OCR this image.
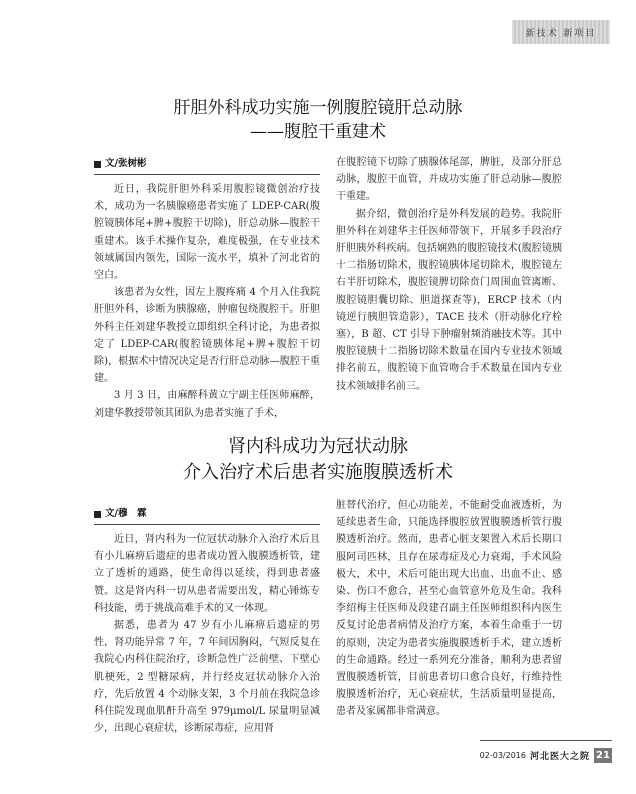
新技术 新项目
肝胆外科成功实施一例腹腔镜肝总动脉
——腹腔干重建术
文/张树彬

近日，我院肝胆外科采用腹腔镜微创治疗技术，成功为一名胰腺癌患者实施了 LDEP-CAR(腹腔镜胰体尾+脾+腹腔干切除)，肝总动脉—腹腔干重建术。该手术操作复杂，难度极强，在专业技术领域属国内领先，国际一流水平，填补了河北省的空白。

该患者为女性，因左上腹疼痛 4 个月入住我院肝胆外科，诊断为胰腺癌，肿瘤包绕腹腔干。肝胆外科主任刘建华教授立即组织全科讨论，为患者拟定了 LDEP-CAR(腹腔镜胰体尾+脾+腹腔干切除)，根据术中情况决定是否行肝总动脉—腹腔干重建。

3 月 3 日，由麻醉科黄立宁副主任医师麻醉，刘建华教授带领其团队为患者实施了手术，

在腹腔镜下切除了胰腺体尾部，脾脏，及部分肝总动脉，腹腔干血管，并成功实施了肝总动脉—腹腔干重建。

据介绍，微创治疗是外科发展的趋势。我院肝胆外科在刘建华主任医师带领下，开展多手段治疗肝胆胰外科疾病。包括娴熟的腹腔镜技术(腹腔镜胰十二指肠切除术，腹腔镜胰体尾切除术，腹腔镜左右半肝切除术，腹腔镜脾切除贲门周围血管离断、腹腔镜胆囊切除、胆道探查等)，ERCP 技术（内镜逆行胰胆管造影），TACE 技术（肝动脉化疗栓塞），B 超、CT 引导下肿瘤射频消融技术等。其中腹腔镜胰十二指肠切除术数量在国内专业技术领域排名前五，腹腔镜下血管吻合手术数量在国内专业技术领域排名前三。

肾内科成功为冠状动脉
介入治疗术后患者实施腹膜透析术
文/穆　霖

近日，肾内科为一位冠状动脉介入治疗术后且有小儿麻痹后遗症的患者成功置入腹膜透析管，建立了透析的通路，使生命得以延续，得到患者盛赞。这是肾内科一切从患者需要出发，精心锤炼专科技能，勇于挑战高难手术的又一体现。

据悉，患者为 47 岁有小儿麻痹后遗症的男性，肾功能异常 7 年，7 年间因胸闷，气短反复在我院心内科住院治疗，诊断急性广泛前壁、下壁心肌梗死，2 型糖尿病，并行经皮冠状动脉介入治疗，先后放置 4 个动脉支架，3 个月前在我院急诊科住院发现血肌酐升高至 979μmol/L 尿量明显减少，出现心衰症状，诊断尿毒症，应用肾

脏替代治疗，但心功能差，不能耐受血液透析，为延续患者生命，只能选择腹腔放置腹膜透析管行腹膜透析治疗。然而，患者心脏支架置入术后长期口服阿司匹林，且存在尿毒症及心力衰竭，手术风险极大，术中，术后可能出现大出血、出血不止、感染、伤口不愈合，甚至心血管意外危及生命。我科李绍梅主任医师及段建召副主任医师组织科内医生反复讨论患者病情及治疗方案，本着生命重于一切的原则，决定为患者实施腹膜透析手术，建立透析的生命通路。经过一系列充分准备，顺利为患者留置腹膜透析管，目前患者切口愈合良好，行维持性腹膜透析治疗，无心衰症状，生活质量明显提高，患者及家属都非常满意。

02-03/2016 河北医大之院 21
